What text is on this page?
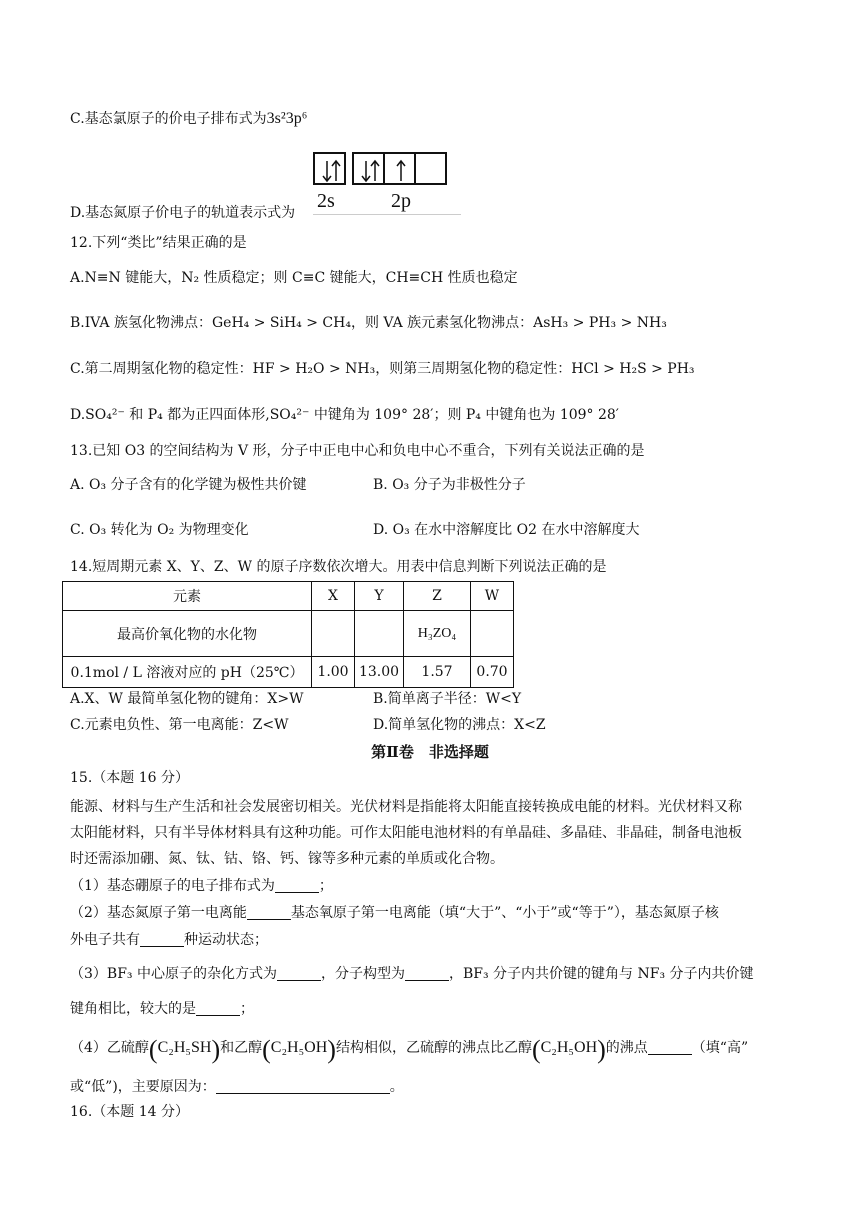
C.基态氯原子的价电子排布式为3s²3p⁶
2s	2p
D.基态氮原子价电子的轨道表示式为
12.下列“类比”结果正确的是
A.N≡N 键能大，N₂ 性质稳定；则 C≡C 键能大，CH≡CH 性质也稳定
B.IVA 族氢化物沸点：GeH₄ > SiH₄ > CH₄，则 VA 族元素氢化物沸点：AsH₃ > PH₃ > NH₃
C.第二周期氢化物的稳定性：HF > H₂O > NH₃，则第三周期氢化物的稳定性：HCl > H₂S > PH₃
D.SO₄²⁻ 和 P₄ 都为正四面体形,SO₄²⁻ 中键角为 109° 28′；则 P₄ 中键角也为 109° 28′
13.已知 O3 的空间结构为 V 形，分子中正电中心和负电中心不重合，下列有关说法正确的是
A. O₃ 分子含有的化学键为极性共价键	B. O₃ 分子为非极性分子
C. O₃ 转化为 O₂ 为物理变化	D. O₃ 在水中溶解度比 O2 在水中溶解度大
14.短周期元素 X、Y、Z、W 的原子序数依次增大。用表中信息判断下列说法正确的是
元素	X	Y	Z	W
最高价氧化物的水化物			H₃ZO₄	
0.1mol / L 溶液对应的 pH（25℃）	1.00	13.00	1.57	0.70
A.X、W 最简单氢化物的键角：X>W	B.简单离子半径：W<Y
C.元素电负性、第一电离能：Z<W	D.简单氢化物的沸点：X<Z
第Ⅱ卷　非选择题
15.（本题 16 分）
能源、材料与生产生活和社会发展密切相关。光伏材料是指能将太阳能直接转换成电能的材料。光伏材料又称
太阳能材料，只有半导体材料具有这种功能。可作太阳能电池材料的有单晶硅、多晶硅、非晶硅，制备电池板
时还需添加硼、氮、钛、钴、铬、钙、镓等多种元素的单质或化合物。
（1）基态硼原子的电子排布式为	；
（2）基态氮原子第一电离能	基态氧原子第一电离能（填“大于”、“小于”或“等于”），基态氮原子核
外电子共有	种运动状态；
（3）BF₃ 中心原子的杂化方式为	，分子构型为	，BF₃ 分子内共价键的键角与 NF₃ 分子内共价键
键角相比，较大的是	；
（4）乙硫醇(C₂H₅SH)和乙醇(C₂H₅OH)结构相似，乙硫醇的沸点比乙醇(C₂H₅OH)的沸点	（填“高”
或“低”)，主要原因为：	。
16.（本题 14 分）
